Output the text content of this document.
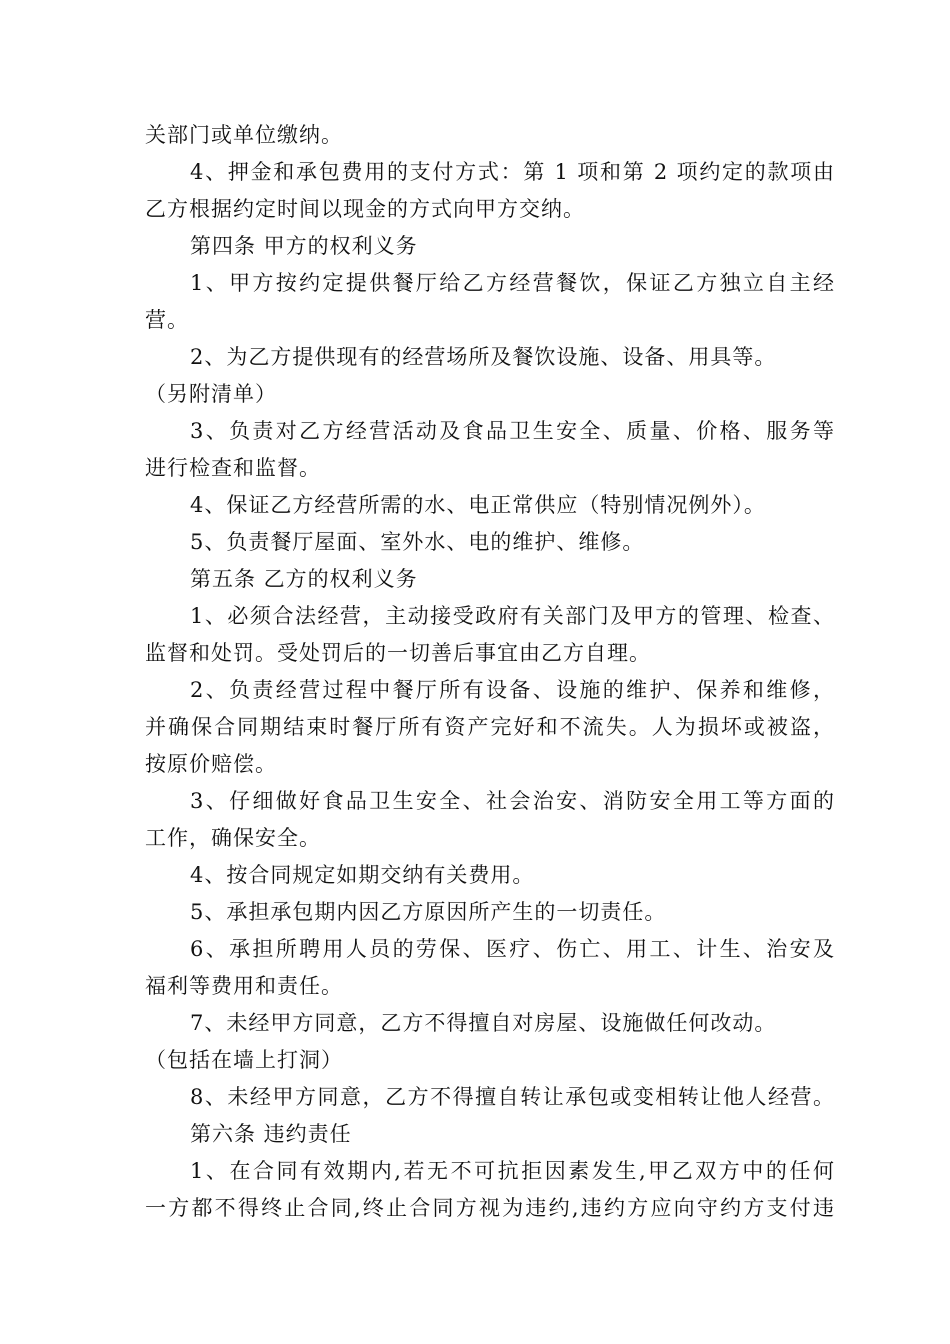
关部门或单位缴纳。
4、押金和承包费用的支付方式：第 1 项和第 2 项约定的款项由
乙方根据约定时间以现金的方式向甲方交纳。
第四条 甲方的权利义务
1、甲方按约定提供餐厅给乙方经营餐饮，保证乙方独立自主经
营。
2、为乙方提供现有的经营场所及餐饮设施、设备、用具等。
（另附清单）
3、负责对乙方经营活动及食品卫生安全、质量、价格、服务等
进行检查和监督。
4、保证乙方经营所需的水、电正常供应（特别情况例外）。
5、负责餐厅屋面、室外水、电的维护、维修。
第五条 乙方的权利义务
1、必须合法经营，主动接受政府有关部门及甲方的管理、检查、
监督和处罚。受处罚后的一切善后事宜由乙方自理。
2、负责经营过程中餐厅所有设备、设施的维护、保养和维修，
并确保合同期结束时餐厅所有资产完好和不流失。人为损坏或被盗，
按原价赔偿。
3、仔细做好食品卫生安全、社会治安、消防安全用工等方面的
工作，确保安全。
4、按合同规定如期交纳有关费用。
5、承担承包期内因乙方原因所产生的一切责任。
6、承担所聘用人员的劳保、医疗、伤亡、用工、计生、治安及
福利等费用和责任。
7、未经甲方同意，乙方不得擅自对房屋、设施做任何改动。
（包括在墙上打洞）
8、未经甲方同意，乙方不得擅自转让承包或变相转让他人经营。
第六条 违约责任
1、在合同有效期内,若无不可抗拒因素发生,甲乙双方中的任何
一方都不得终止合同,终止合同方视为违约,违约方应向守约方支付违
